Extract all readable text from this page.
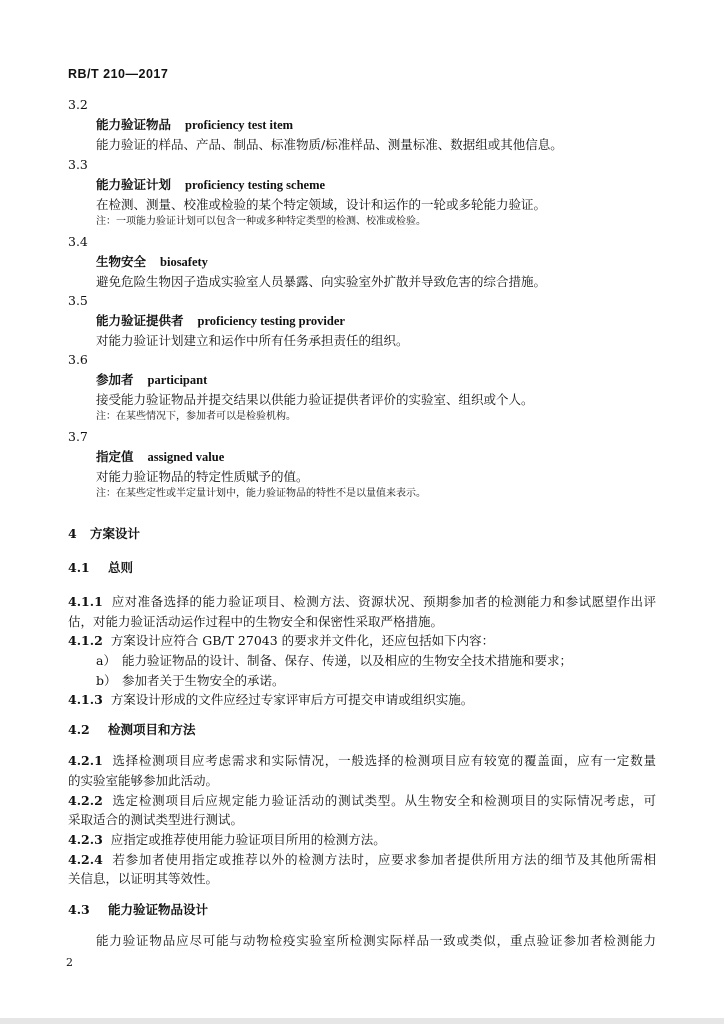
RB/T 210—2017
3.2
能力验证物品 proficiency test item
能力验证的样品、产品、制品、标准物质/标准样品、测量标准、数据组或其他信息。
3.3
能力验证计划 proficiency testing scheme
在检测、测量、校准或检验的某个特定领域，设计和运作的一轮或多轮能力验证。
注：一项能力验证计划可以包含一种或多种特定类型的检测、校准或检验。
3.4
生物安全 biosafety
避免危险生物因子造成实验室人员暴露、向实验室外扩散并导致危害的综合措施。
3.5
能力验证提供者 proficiency testing provider
对能力验证计划建立和运作中所有任务承担责任的组织。
3.6
参加者 participant
接受能力验证物品并提交结果以供能力验证提供者评价的实验室、组织或个人。
注：在某些情况下，参加者可以是检验机构。
3.7
指定值 assigned value
对能力验证物品的特定性质赋予的值。
注：在某些定性或半定量计划中，能力验证物品的特性不是以量值来表示。
4 方案设计
4.1 总则
4.1.1 应对准备选择的能力验证项目、检测方法、资源状况、预期参加者的检测能力和参试愿望作出评
估，对能力验证活动运作过程中的生物安全和保密性采取严格措施。
4.1.2 方案设计应符合 GB/T 27043 的要求并文件化，还应包括如下内容：
a） 能力验证物品的设计、制备、保存、传递，以及相应的生物安全技术措施和要求；
b） 参加者关于生物安全的承诺。
4.1.3 方案设计形成的文件应经过专家评审后方可提交申请或组织实施。
4.2 检测项目和方法
4.2.1 选择检测项目应考虑需求和实际情况，一般选择的检测项目应有较宽的覆盖面，应有一定数量
的实验室能够参加此活动。
4.2.2 选定检测项目后应规定能力验证活动的测试类型。从生物安全和检测项目的实际情况考虑，可
采取适合的测试类型进行测试。
4.2.3 应指定或推荐使用能力验证项目所用的检测方法。
4.2.4 若参加者使用指定或推荐以外的检测方法时，应要求参加者提供所用方法的细节及其他所需相
关信息，以证明其等效性。
4.3 能力验证物品设计
能力验证物品应尽可能与动物检疫实验室所检测实际样品一致或类似，重点验证参加者检测能力
2
